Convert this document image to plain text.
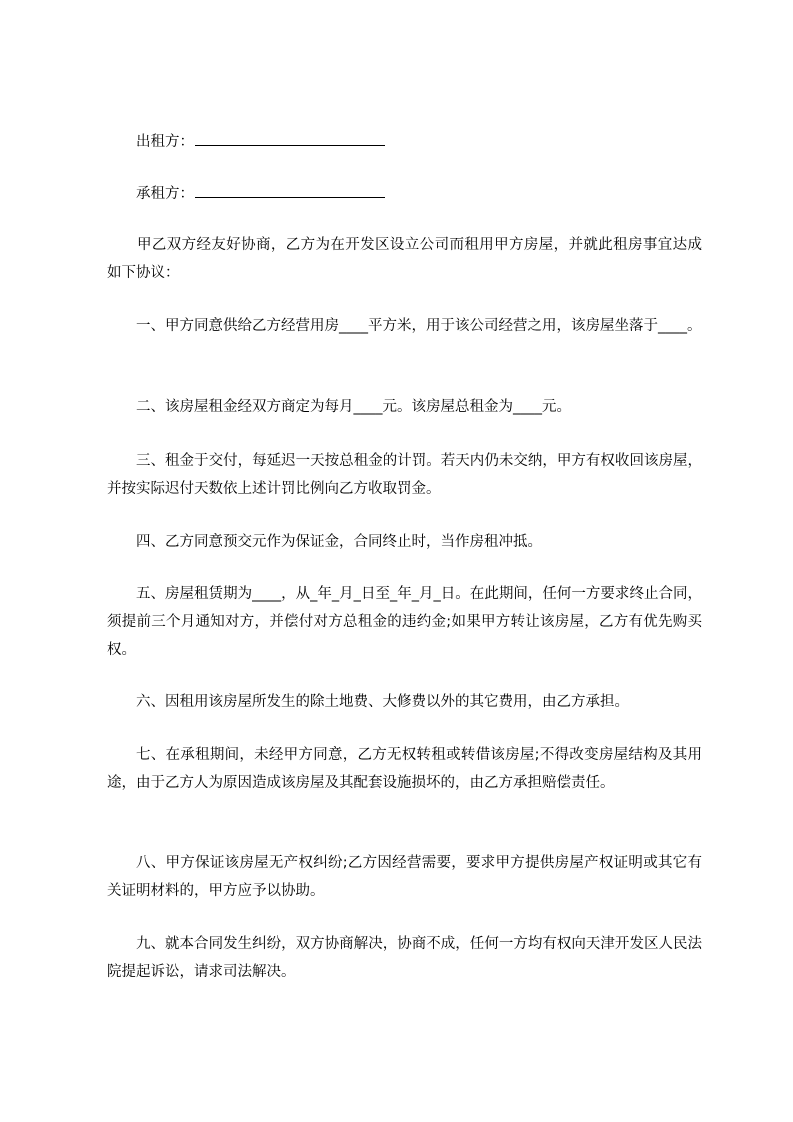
出租方：
承租方：

甲乙双方经友好协商，乙方为在开发区设立公司而租用甲方房屋，并就此租房事宜达成如下协议：

一、甲方同意供给乙方经营用房____平方米，用于该公司经营之用，该房屋坐落于____。

二、该房屋租金经双方商定为每月____元。该房屋总租金为____元。

三、租金于交付，每延迟一天按总租金的计罚。若天内仍未交纳，甲方有权收回该房屋，并按实际迟付天数依上述计罚比例向乙方收取罚金。

四、乙方同意预交元作为保证金，合同终止时，当作房租冲抵。

五、房屋租赁期为____，从_年_月_日至_年_月_日。在此期间，任何一方要求终止合同，须提前三个月通知对方，并偿付对方总租金的违约金;如果甲方转让该房屋，乙方有优先购买权。

六、因租用该房屋所发生的除土地费、大修费以外的其它费用，由乙方承担。

七、在承租期间，未经甲方同意，乙方无权转租或转借该房屋;不得改变房屋结构及其用途，由于乙方人为原因造成该房屋及其配套设施损坏的，由乙方承担赔偿责任。

八、甲方保证该房屋无产权纠纷;乙方因经营需要，要求甲方提供房屋产权证明或其它有关证明材料的，甲方应予以协助。

九、就本合同发生纠纷，双方协商解决，协商不成，任何一方均有权向天津开发区人民法院提起诉讼，请求司法解决。
